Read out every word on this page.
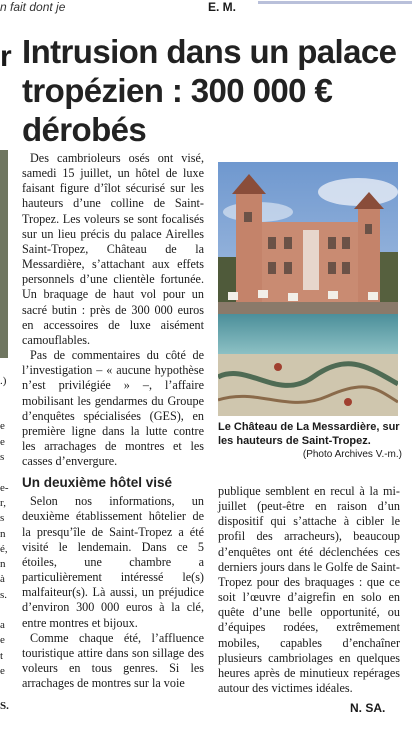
n fait dont je	E. M.
r
.)
e
e
s
e-
r,
s
n
é,
n
à
s.
a
e
t
e
S.
Intrusion dans un palace tropézien : 300 000 € dérobés

Des cambrioleurs osés ont visé, samedi 15 juillet, un hôtel de luxe faisant figure d’îlot sécurisé sur les hauteurs d’une colline de Saint-Tropez. Les voleurs se sont focalisés sur un lieu précis du palace Airelles Saint-Tropez, Château de la Messardière, s’attachant aux effets personnels d’une clientèle fortunée. Un braquage de haut vol pour un sacré butin : près de 300 000 euros en accessoires de luxe aisément camouflables.

Pas de commentaires du côté de l’investigation – « aucune hypothèse n’est privilégiée » –, l’affaire mobilisant les gendarmes du Groupe d’enquêtes spécialisées (GES), en première ligne dans la lutte contre les arrachages de montres et les casses d’envergure.

Un deuxième hôtel visé

Selon nos informations, un deuxième établissement hôtelier de la presqu’île de Saint-Tropez a été visité le lendemain. Dans ce 5 étoiles, une chambre a particulièrement intéressé le(s) malfaiteur(s). Là aussi, un préjudice d’environ 300 000 euros à la clé, entre montres et bijoux.

Comme chaque été, l’affluence touristique attire dans son sillage des voleurs en tous genres. Si les arrachages de montres sur la voie

Le Château de La Messardière, sur les hauteurs de Saint-Tropez.
(Photo Archives V.-m.)

publique semblent en recul à la mi-juillet (peut-être en raison d’un dispositif qui s’attache à cibler le profil des arracheurs), beaucoup d’enquêtes ont été déclenchées ces derniers jours dans le Golfe de Saint-Tropez pour des braquages : que ce soit l’œuvre d’aigrefin en solo en quête d’une belle opportunité, ou d’équipes rodées, extrêmement mobiles, capables d’enchaîner plusieurs cambriolages en quelques heures après de minutieux repérages autour des victimes idéales.

N. SA.
